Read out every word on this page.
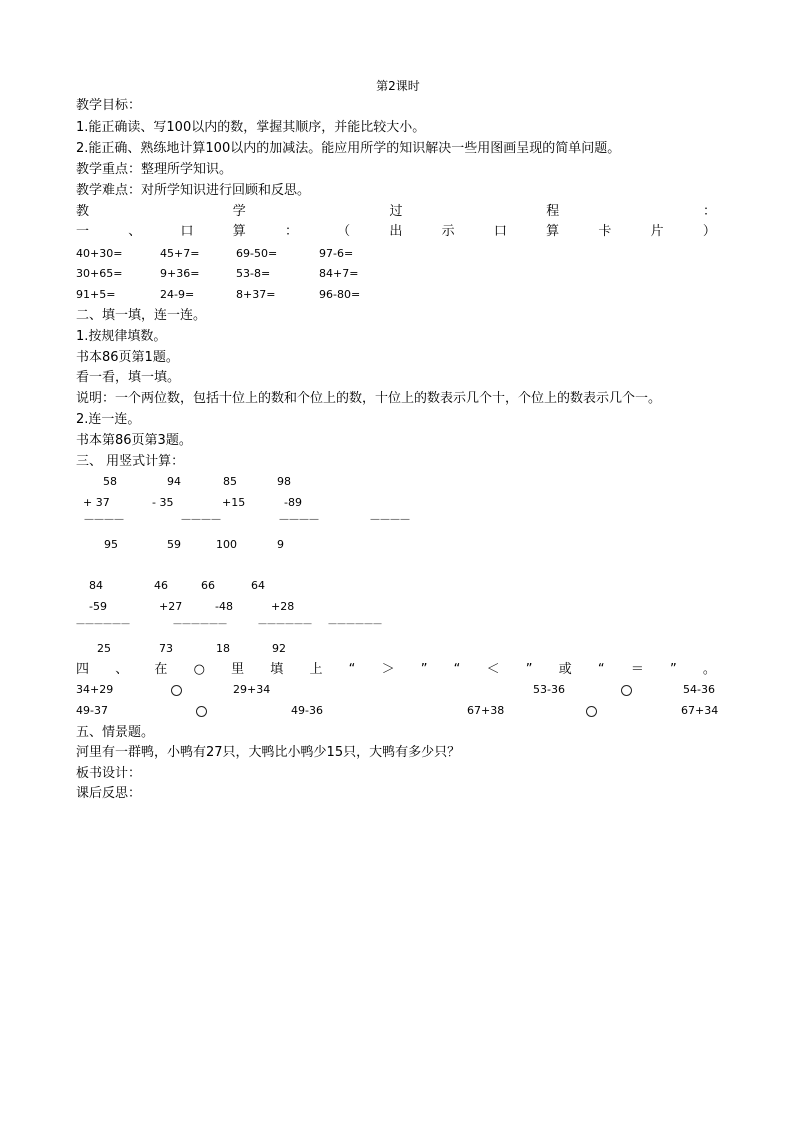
第2课时
教学目标：
1.能正确读、写100以内的数，掌握其顺序，并能比较大小。
2.能正确、熟练地计算100以内的加减法。能应用所学的知识解决一些用图画呈现的简单问题。
教学重点：整理所学知识。
教学难点：对所学知识进行回顾和反思。
教	学	过	程	：
一	、	口	算	：	（	出	示	口	算	卡	片	）
40+30=	45+7=	69-50=	97-6=
30+65=	9+36=	53-8=	84+7=
91+5=	24-9=	8+37=	96-80=
二、填一填，连一连。
1.按规律填数。
书本86页第1题。
看一看，填一填。
说明：一个两位数，包括十位上的数和个位上的数，十位上的数表示几个十，个位上的数表示几个一。
2.连一连。
书本第86页第3题。
三、 用竖式计算：
58	94	85	98
+ 37	- 35	+15	-89
————	————	————	————
95	59	100	9
84	46	66	64
-59	+27	-48	+28
——————	——————	—————— ——————
25	73	18	92
四 、 在 ○ 里 填 上 “ ＞ ” “ ＜ ” 或 “ ＝ ” 。
34+29	29+34	53-36	54-36
49-37	49-36	67+38	67+34
五、情景题。
河里有一群鸭，小鸭有27只，大鸭比小鸭少15只，大鸭有多少只？
板书设计：
课后反思：
